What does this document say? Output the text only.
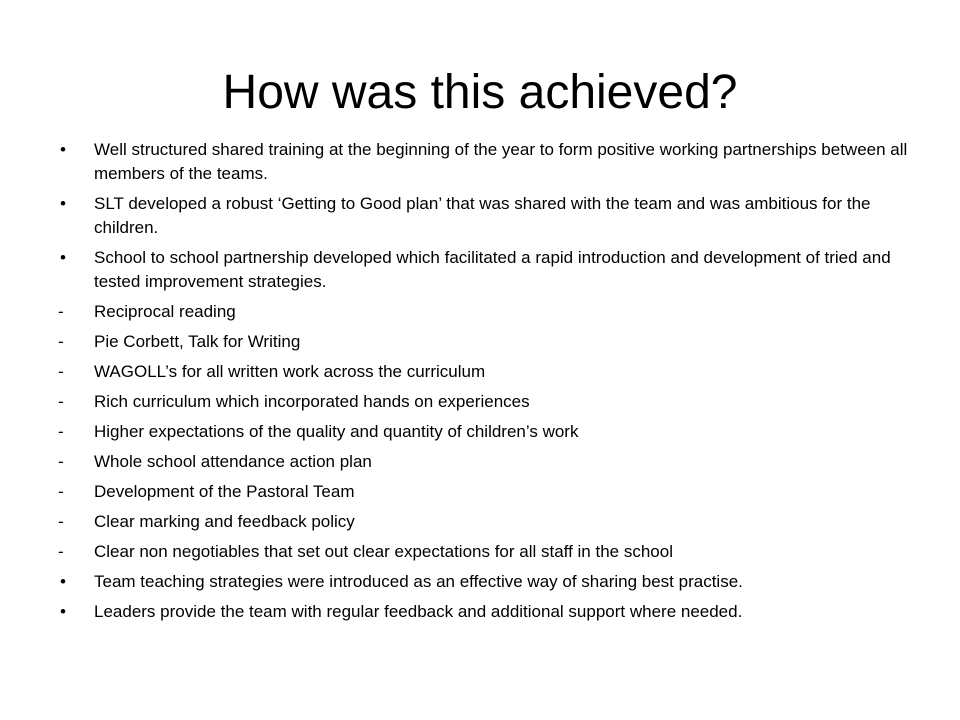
How was this achieved?
•	Well structured shared training at the beginning of the year to form positive working partnerships between all members of the teams.
•	SLT developed a robust ‘Getting to Good plan’ that was shared with the team and was ambitious for the children.
•	School to school partnership developed which facilitated a rapid introduction and development of tried and tested improvement strategies.
-	Reciprocal reading
-	Pie Corbett, Talk for Writing
-	WAGOLL’s for all written work across the curriculum
-	Rich curriculum which incorporated hands on experiences
-	Higher expectations of the quality and quantity of children’s work
-	Whole school attendance action plan
-	Development of the Pastoral Team
-	Clear marking and feedback policy
-	Clear non negotiables that set out clear expectations for all staff in the school
•	Team teaching strategies were introduced as an effective way of sharing best practise.
•	Leaders provide the team with regular feedback and additional support where needed.
